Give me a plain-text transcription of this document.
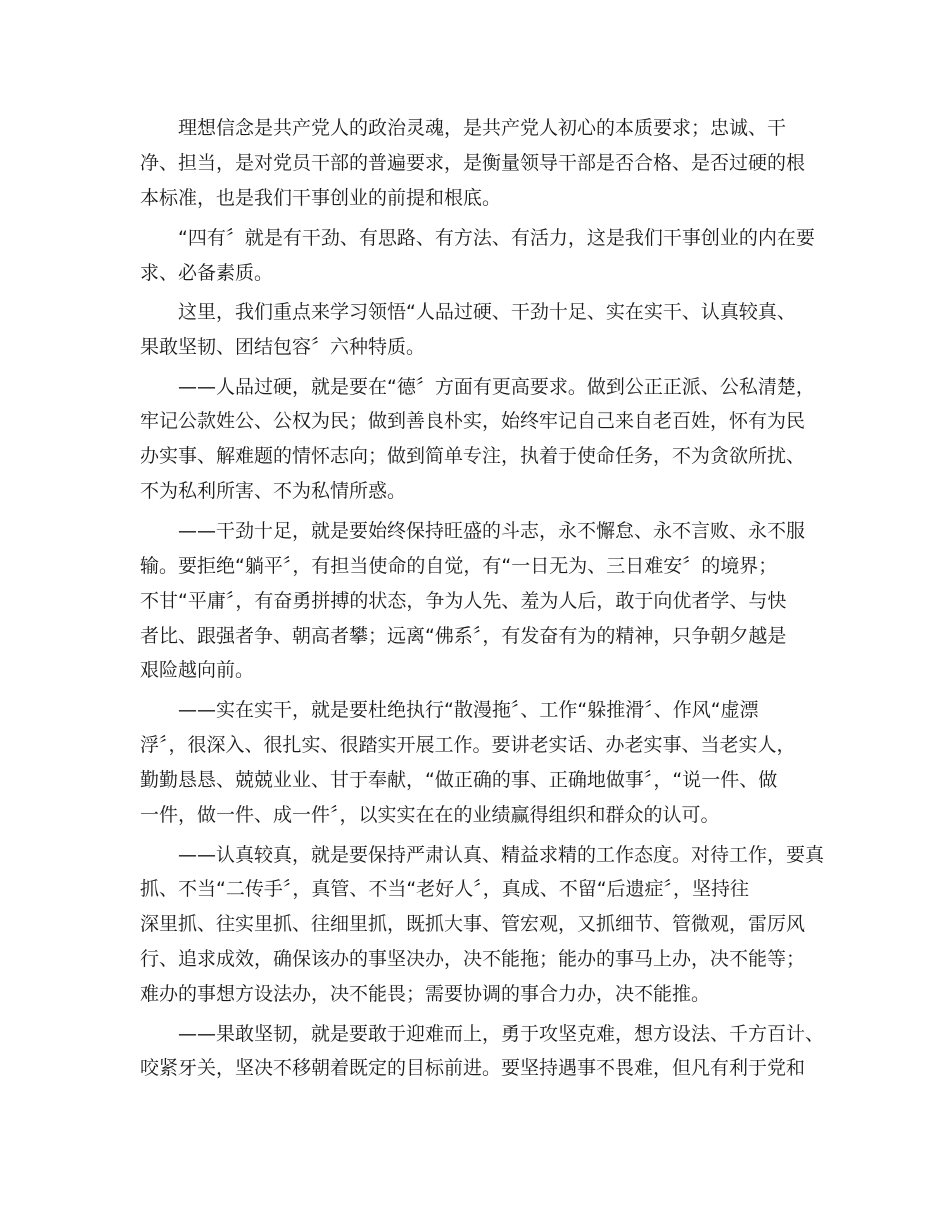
理想信念是共产党人的政治灵魂，是共产党人初心的本质要求；忠诚、干
净、担当，是对党员干部的普遍要求，是衡量领导干部是否合格、是否过硬的根
本标准，也是我们干事创业的前提和根底。
“四有〞就是有干劲、有思路、有方法、有活力，这是我们干事创业的内在要
求、必备素质。
这里，我们重点来学习领悟“人品过硬、干劲十足、实在实干、认真较真、
果敢坚韧、团结包容〞六种特质。
——人品过硬，就是要在“德〞方面有更高要求。做到公正正派、公私清楚，
牢记公款姓公、公权为民；做到善良朴实，始终牢记自己来自老百姓，怀有为民
办实事、解难题的情怀志向；做到简单专注，执着于使命任务，不为贪欲所扰、
不为私利所害、不为私情所惑。
——干劲十足，就是要始终保持旺盛的斗志，永不懈怠、永不言败、永不服
输。要拒绝“躺平〞，有担当使命的自觉，有“一日无为、三日难安〞的境界；
不甘“平庸〞，有奋勇拼搏的状态，争为人先、羞为人后，敢于向优者学、与快
者比、跟强者争、朝高者攀；远离“佛系〞，有发奋有为的精神，只争朝夕越是
艰险越向前。
——实在实干，就是要杜绝执行“散漫拖〞、工作“躲推滑〞、作风“虚漂
浮〞，很深入、很扎实、很踏实开展工作。要讲老实话、办老实事、当老实人，
勤勤恳恳、兢兢业业、甘于奉献，“做正确的事、正确地做事〞，“说一件、做
一件，做一件、成一件〞，以实实在在的业绩赢得组织和群众的认可。
——认真较真，就是要保持严肃认真、精益求精的工作态度。对待工作，要真
抓、不当“二传手〞，真管、不当“老好人〞，真成、不留“后遗症〞，坚持往
深里抓、往实里抓、往细里抓，既抓大事、管宏观，又抓细节、管微观，雷厉风
行、追求成效，确保该办的事坚决办，决不能拖；能办的事马上办，决不能等；
难办的事想方设法办，决不能畏；需要协调的事合力办，决不能推。
——果敢坚韧，就是要敢于迎难而上，勇于攻坚克难，想方设法、千方百计、
咬紧牙关，坚决不移朝着既定的目标前进。要坚持遇事不畏难，但凡有利于党和
